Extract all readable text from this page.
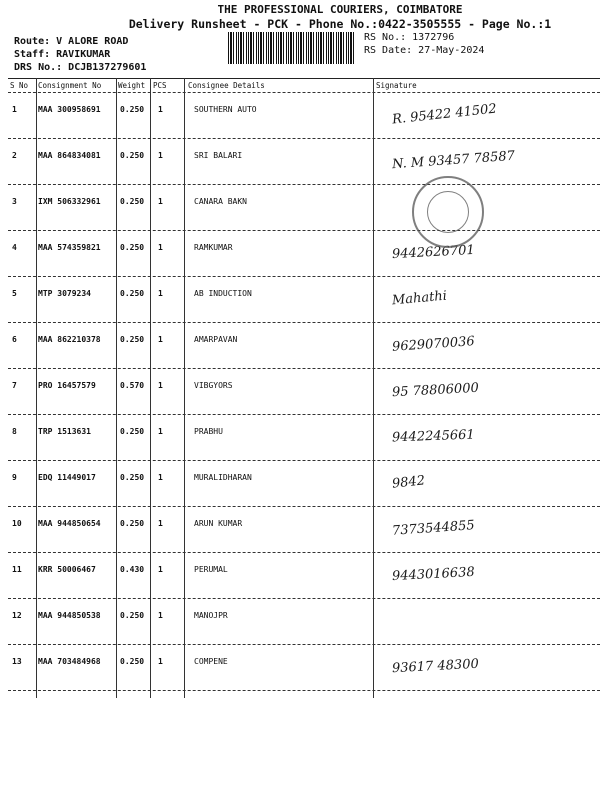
THE PROFESSIONAL COURIERS, COIMBATORE
Delivery Runsheet - PCK - Phone No.:0422-3505555 - Page No.:1
Route: V ALORE ROAD
Staff: RAVIKUMAR
DRS No.: DCJB137279601
RS No.: 1372796
RS Date: 27-May-2024
S No Consignment No Weight PCS	Consignee Details	Signature
1	MAA 300958691 0.250 1	SOUTHERN AUTO	R. 95422 41502
2	MAA 864834081 0.250 1	SRI BALARI	N. M 93457 78587
3	IXM 506332961 0.250 1	CANARA BAKN
4	MAA 574359821 0.250 1	RAMKUMAR	9442626701
5	MTP 3079234	0.250 1	AB INDUCTION	Mahathi
6	MAA 862210378 0.250 1	AMARPAVAN	9629070036
7	PRO 16457579	0.570 1	VIBGYORS	95 78806000
8	TRP 1513631	0.250 1	PRABHU	9442245661
9	EDQ 11449017	0.250 1	MURALIDHARAN	9842
10 MAA 944850654 0.250 1	ARUN KUMAR	7373544855
11 KRR 50006467	0.430 1	PERUMAL	9443016638
12 MAA 944850538 0.250 1	MANOJPR
13 MAA 703484968 0.250 1	COMPENE	93617 48300
